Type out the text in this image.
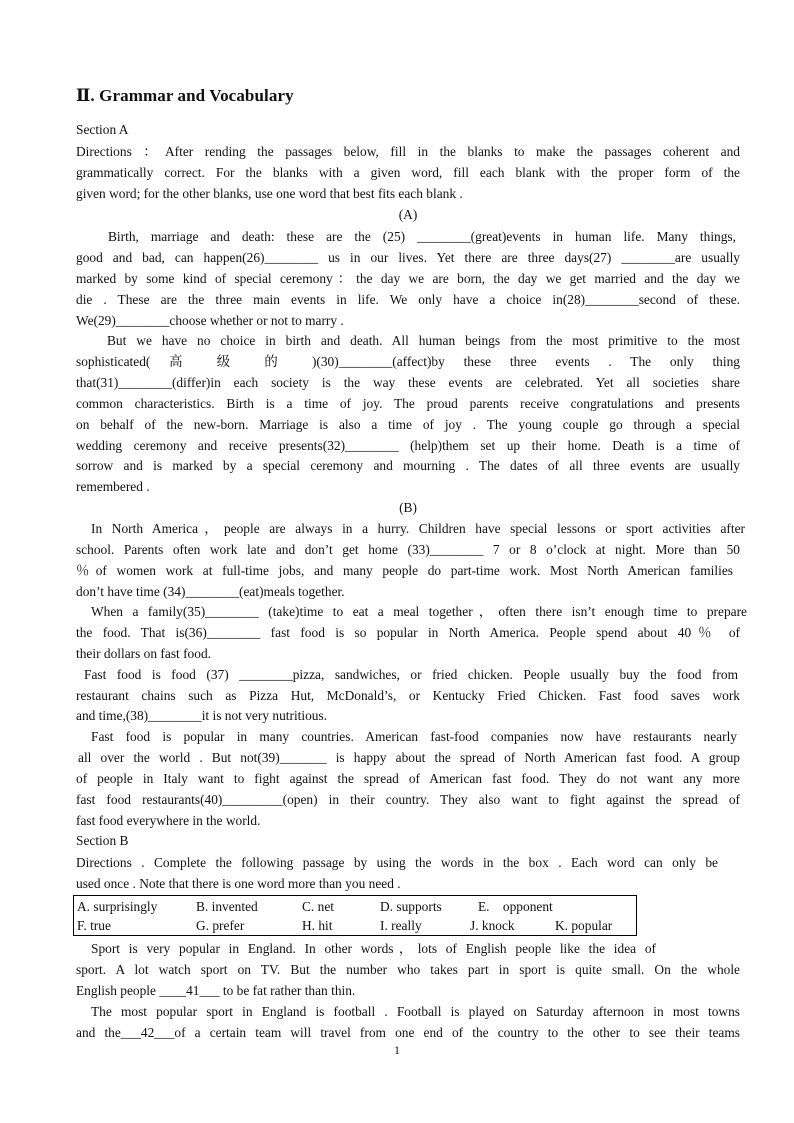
Ⅱ. Grammar and Vocabulary
Section A
Directions ：After rending the passages below, fill in the blanks to make the passages coherent and
grammatically correct. For the blanks with a given word, fill each blank with the proper form of the
given word; for the other blanks, use one word that best fits each blank .
(A)
Birth, marriage and death: these are the (25) ________(great)events in human life. Many things,
good and bad, can happen(26)________ us in our lives. Yet there are three days(27) ________are usually
marked by some kind of special ceremony：the day we are born, the day we get married and the day we
die . These are the three main events in life. We only have a choice in(28)________second of these.
We(29)________choose whether or not to marry .
But we have no choice in birth and death. All human beings from the most primitive to the most
sophisticated( 高 级 的 )(30)________(affect)by these three events . The only thing
that(31)________(differ)in each society is the way these events are celebrated. Yet all societies share
common characteristics. Birth is a time of joy. The proud parents receive congratulations and presents
on behalf of the new-born. Marriage is also a time of joy . The young couple go through a special
wedding ceremony and receive presents(32)________ (help)them set up their home. Death is a time of
sorrow and is marked by a special ceremony and mourning . The dates of all three events are usually
remembered .
(B)
In North America，people are always in a hurry. Children have special lessons or sport activities after
school. Parents often work late and don’t get home (33)________ 7 or 8 o’clock at night. More than 50
％of women work at full-time jobs, and many people do part-time work. Most North American families
don’t have time (34)________(eat)meals together.
When a family(35)________ (take)time to eat a meal together，often there isn’t enough time to prepare
the food. That is(36)________ fast food is so popular in North America. People spend about 40％ of
their dollars on fast food.
Fast food is food (37) ________pizza, sandwiches, or fried chicken. People usually buy the food from
restaurant chains such as Pizza Hut, McDonald’s, or Kentucky Fried Chicken. Fast food saves work
and time,(38)________it is not very nutritious.
Fast food is popular in many countries. American fast-food companies now have restaurants nearly
all over the world . But not(39)_______ is happy about the spread of North American fast food. A group
of people in Italy want to fight against the spread of American fast food. They do not want any more
fast food restaurants(40)_________(open) in their country. They also want to fight against the spread of
fast food everywhere in the world.
Section B
Directions . Complete the following passage by using the words in the box . Each word can only be
used once . Note that there is one word more than you need .
A. surprisingly	B. invented	C. net	D. supports	E.　opponent
F. true	G. prefer	H. hit	I. really	J. knock	K. popular
Sport is very popular in England. In other words，lots of English people like the idea of
sport. A lot watch sport on TV. But the number who takes part in sport is quite small. On the whole
English people ____41___ to be fat rather than thin.
The most popular sport in England is football . Football is played on Saturday afternoon in most towns
and the___42___of a certain team will travel from one end of the country to the other to see their teams
1
